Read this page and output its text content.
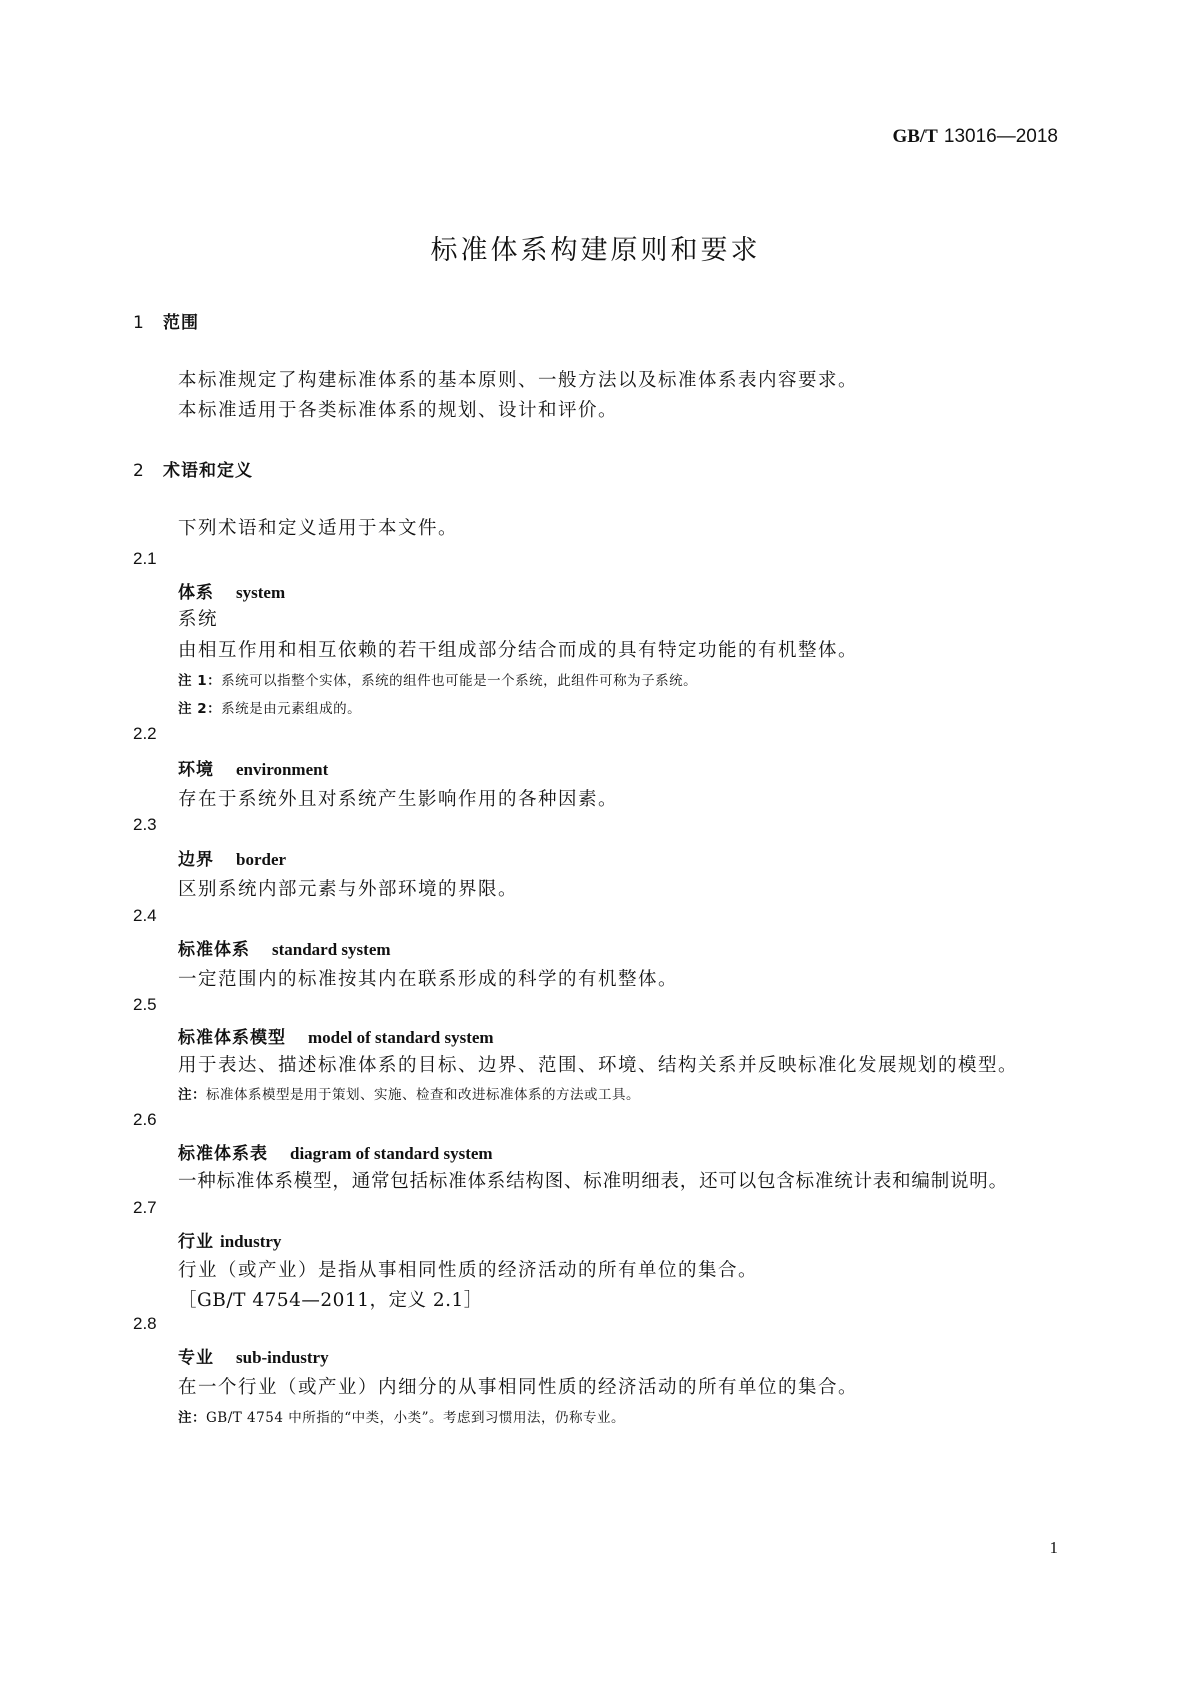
GB/T 13016—2018
标准体系构建原则和要求
1 范围
本标准规定了构建标准体系的基本原则、一般方法以及标准体系表内容要求。
本标准适用于各类标准体系的规划、设计和评价。
2 术语和定义
下列术语和定义适用于本文件。
2.1
体系 system
系统
由相互作用和相互依赖的若干组成部分结合而成的具有特定功能的有机整体。
注 1：系统可以指整个实体，系统的组件也可能是一个系统，此组件可称为子系统。
注 2：系统是由元素组成的。
2.2
环境 environment
存在于系统外且对系统产生影响作用的各种因素。
2.3
边界 border
区别系统内部元素与外部环境的界限。
2.4
标准体系 standard system
一定范围内的标准按其内在联系形成的科学的有机整体。
2.5
标准体系模型 model of standard system
用于表达、描述标准体系的目标、边界、范围、环境、结构关系并反映标准化发展规划的模型。
注：标准体系模型是用于策划、实施、检查和改进标准体系的方法或工具。
2.6
标准体系表 diagram of standard system
一种标准体系模型，通常包括标准体系结构图、标准明细表，还可以包含标准统计表和编制说明。
2.7
行业 industry
行业（或产业）是指从事相同性质的经济活动的所有单位的集合。
［GB/T 4754—2011，定义 2.1］
2.8
专业 sub-industry
在一个行业（或产业）内细分的从事相同性质的经济活动的所有单位的集合。
注：GB/T 4754 中所指的“中类，小类”。考虑到习惯用法，仍称专业。
1
